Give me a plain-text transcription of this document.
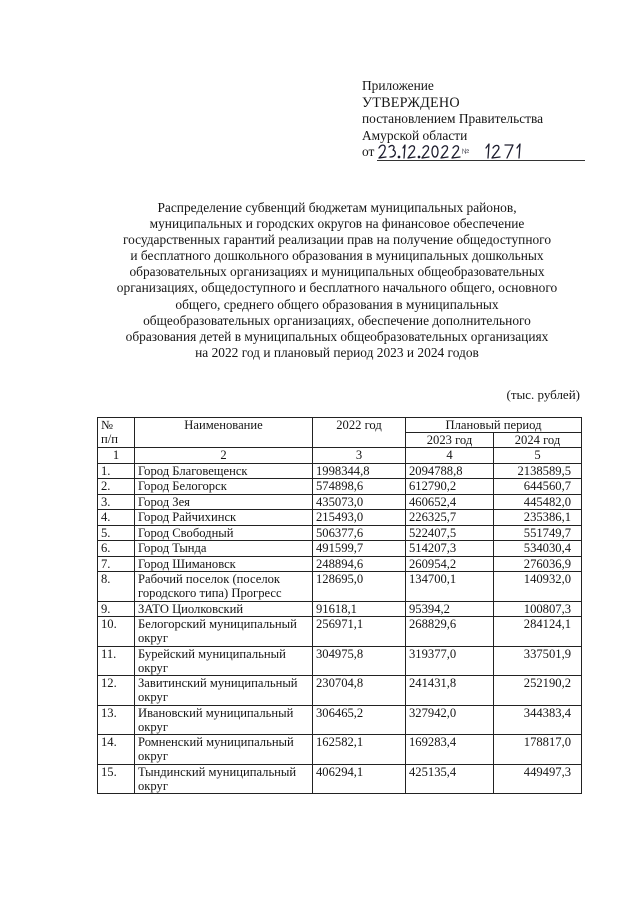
Приложение
УТВЕРЖДЕНО
постановлением Правительства
Амурской области
от
Распределение субвенций бюджетам муниципальных районов,
муниципальных и городских округов на финансовое обеспечение
государственных гарантий реализации прав на получение общедоступного
и бесплатного дошкольного образования в муниципальных дошкольных
образовательных организациях и муниципальных общеобразовательных
организациях, общедоступного и бесплатного начального общего, основного
общего, среднего общего образования в муниципальных
общеобразовательных организациях, обеспечение дополнительного
образования детей в муниципальных общеобразовательных организациях
на 2022 год и плановый период 2023 и 2024 годов
(тыс. рублей)
№
п/п	Наименование	2022 год	Плановый период	
			2023 год	2024 год
1	2	3	4	5
1.	Город Благовещенск	1998344,8	2094788,8	2138589,5
2.	Город Белогорск	574898,6	612790,2	644560,7
3.	Город Зея	435073,0	460652,4	445482,0
4.	Город Райчихинск	215493,0	226325,7	235386,1
5.	Город Свободный	506377,6	522407,5	551749,7
6.	Город Тында	491599,7	514207,3	534030,4
7.	Город Шимановск	248894,6	260954,2	276036,9
8.	Рабочий поселок (поселок городского типа) Прогресс	128695,0	134700,1	140932,0
9.	ЗАТО Циолковский	91618,1	95394,2	100807,3
10.	Белогорский муниципальный округ	256971,1	268829,6	284124,1
11.	Бурейский муниципальный округ	304975,8	319377,0	337501,9
12.	Завитинский муниципальный округ	230704,8	241431,8	252190,2
13.	Ивановский муниципальный округ	306465,2	327942,0	344383,4
14.	Ромненский муниципальный округ	162582,1	169283,4	178817,0
15.	Тындинский муниципальный округ	406294,1	425135,4	449497,3
